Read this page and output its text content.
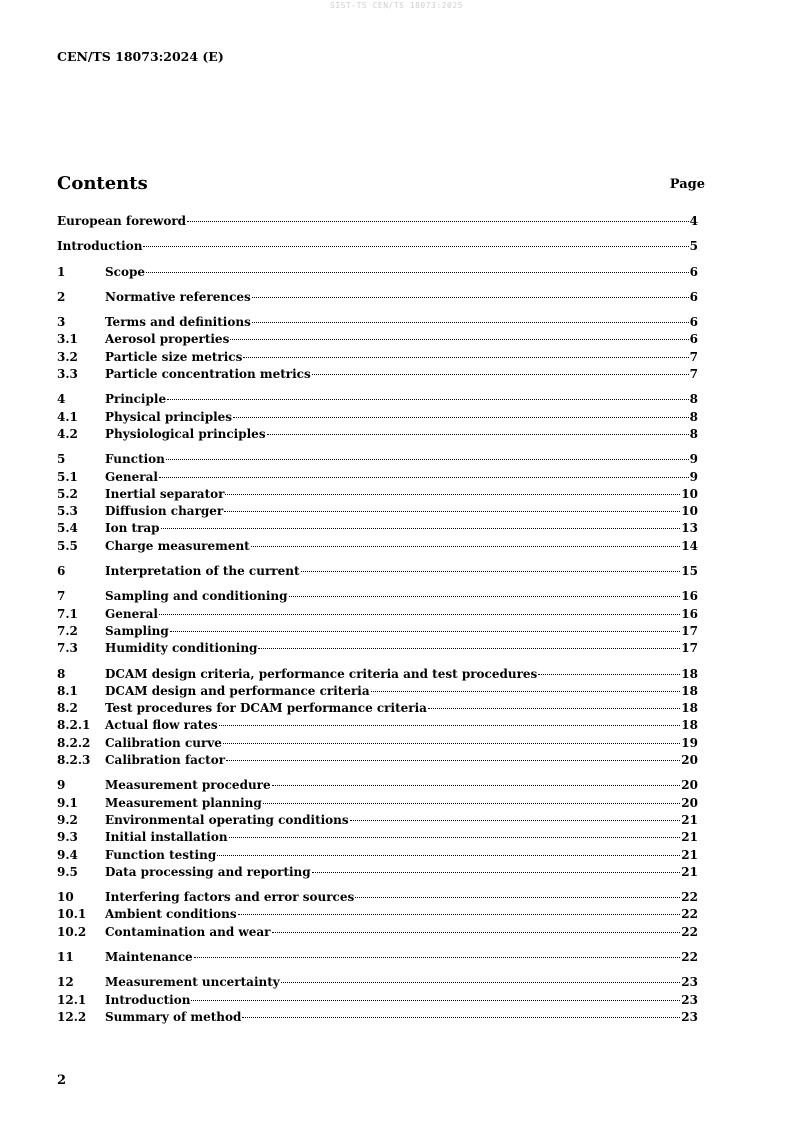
SIST-TS CEN/TS 18073:2025
CEN/TS 18073:2024 (E)
Contents	Page
European foreword	4
Introduction	5
1	Scope	6
2	Normative references	6
3	Terms and definitions	6
3.1	Aerosol properties	6
3.2	Particle size metrics	7
3.3	Particle concentration metrics	7
4	Principle	8
4.1	Physical principles	8
4.2	Physiological principles	8
5	Function	9
5.1	General	9
5.2	Inertial separator	10
5.3	Diffusion charger	10
5.4	Ion trap	13
5.5	Charge measurement	14
6	Interpretation of the current	15
7	Sampling and conditioning	16
7.1	General	16
7.2	Sampling	17
7.3	Humidity conditioning	17
8	DCAM design criteria, performance criteria and test procedures	18
8.1	DCAM design and performance criteria	18
8.2	Test procedures for DCAM performance criteria	18
8.2.1	Actual flow rates	18
8.2.2	Calibration curve	19
8.2.3	Calibration factor	20
9	Measurement procedure	20
9.1	Measurement planning	20
9.2	Environmental operating conditions	21
9.3	Initial installation	21
9.4	Function testing	21
9.5	Data processing and reporting	21
10	Interfering factors and error sources	22
10.1	Ambient conditions	22
10.2	Contamination and wear	22
11	Maintenance	22
12	Measurement uncertainty	23
12.1	Introduction	23
12.2	Summary of method	23
2
